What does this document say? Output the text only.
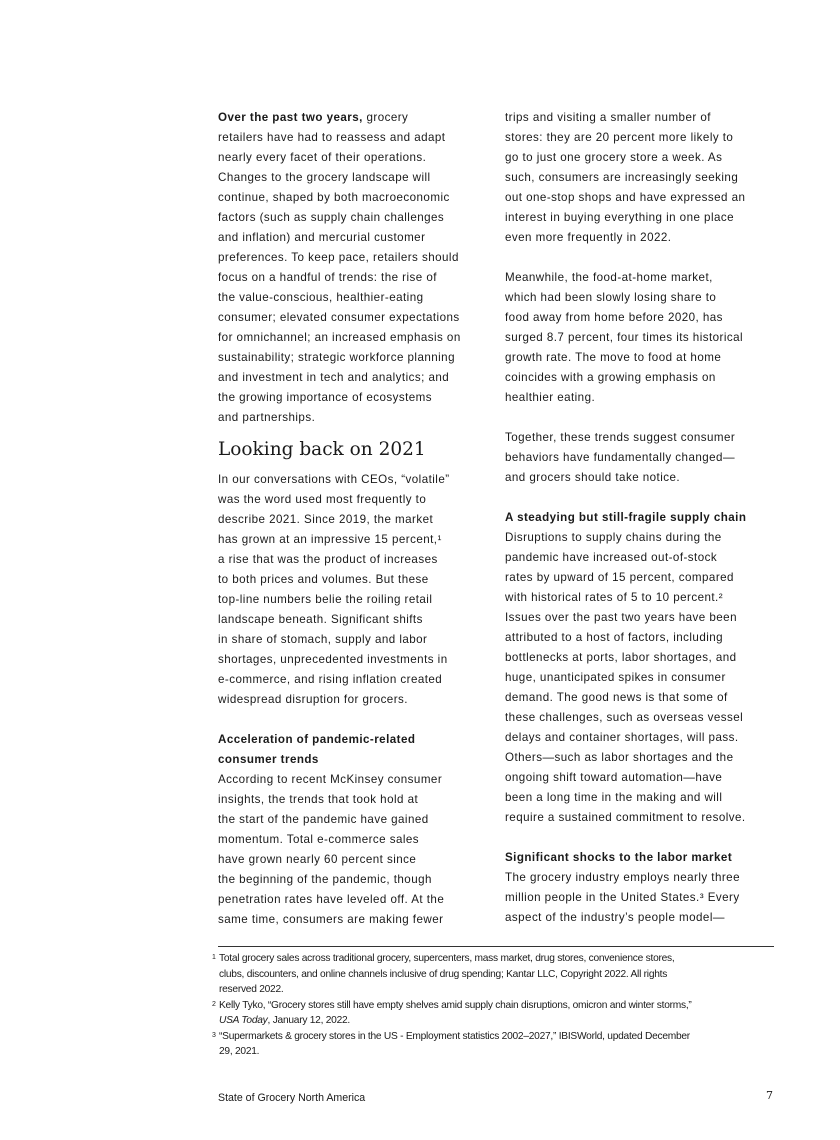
Over the past two years, grocery
retailers have had to reassess and adapt
nearly every facet of their operations.
Changes to the grocery landscape will
continue, shaped by both macroeconomic
factors (such as supply chain challenges
and inflation) and mercurial customer
preferences. To keep pace, retailers should
focus on a handful of trends: the rise of
the value-conscious, healthier-eating
consumer; elevated consumer expectations
for omnichannel; an increased emphasis on
sustainability; strategic workforce planning
and investment in tech and analytics; and
the growing importance of ecosystems
and partnerships.

Looking back on 2021

In our conversations with CEOs, “volatile”
was the word used most frequently to
describe 2021. Since 2019, the market
has grown at an impressive 15 percent,¹
a rise that was the product of increases
to both prices and volumes. But these
top-line numbers belie the roiling retail
landscape beneath. Significant shifts
in share of stomach, supply and labor
shortages, unprecedented investments in
e-commerce, and rising inflation created
widespread disruption for grocers.

Acceleration of pandemic-related
consumer trends
According to recent McKinsey consumer
insights, the trends that took hold at
the start of the pandemic have gained
momentum. Total e-commerce sales
have grown nearly 60 percent since
the beginning of the pandemic, though
penetration rates have leveled off. At the
same time, consumers are making fewer

trips and visiting a smaller number of
stores: they are 20 percent more likely to
go to just one grocery store a week. As
such, consumers are increasingly seeking
out one-stop shops and have expressed an
interest in buying everything in one place
even more frequently in 2022.

Meanwhile, the food-at-home market,
which had been slowly losing share to
food away from home before 2020, has
surged 8.7 percent, four times its historical
growth rate. The move to food at home
coincides with a growing emphasis on
healthier eating.

Together, these trends suggest consumer
behaviors have fundamentally changed—
and grocers should take notice.

A steadying but still-fragile supply chain
Disruptions to supply chains during the
pandemic have increased out-of-stock
rates by upward of 15 percent, compared
with historical rates of 5 to 10 percent.²
Issues over the past two years have been
attributed to a host of factors, including
bottlenecks at ports, labor shortages, and
huge, unanticipated spikes in consumer
demand. The good news is that some of
these challenges, such as overseas vessel
delays and container shortages, will pass.
Others—such as labor shortages and the
ongoing shift toward automation—have
been a long time in the making and will
require a sustained commitment to resolve.

Significant shocks to the labor market
The grocery industry employs nearly three
million people in the United States.³ Every
aspect of the industry’s people model—

1 Total grocery sales across traditional grocery, supercenters, mass market, drug stores, convenience stores,
clubs, discounters, and online channels inclusive of drug spending; Kantar LLC, Copyright 2022. All rights
reserved 2022.
2 Kelly Tyko, “Grocery stores still have empty shelves amid supply chain disruptions, omicron and winter storms,”
USA Today, January 12, 2022.
3 “Supermarkets & grocery stores in the US - Employment statistics 2002–2027,” IBISWorld, updated December
29, 2021.
State of Grocery North America	7
